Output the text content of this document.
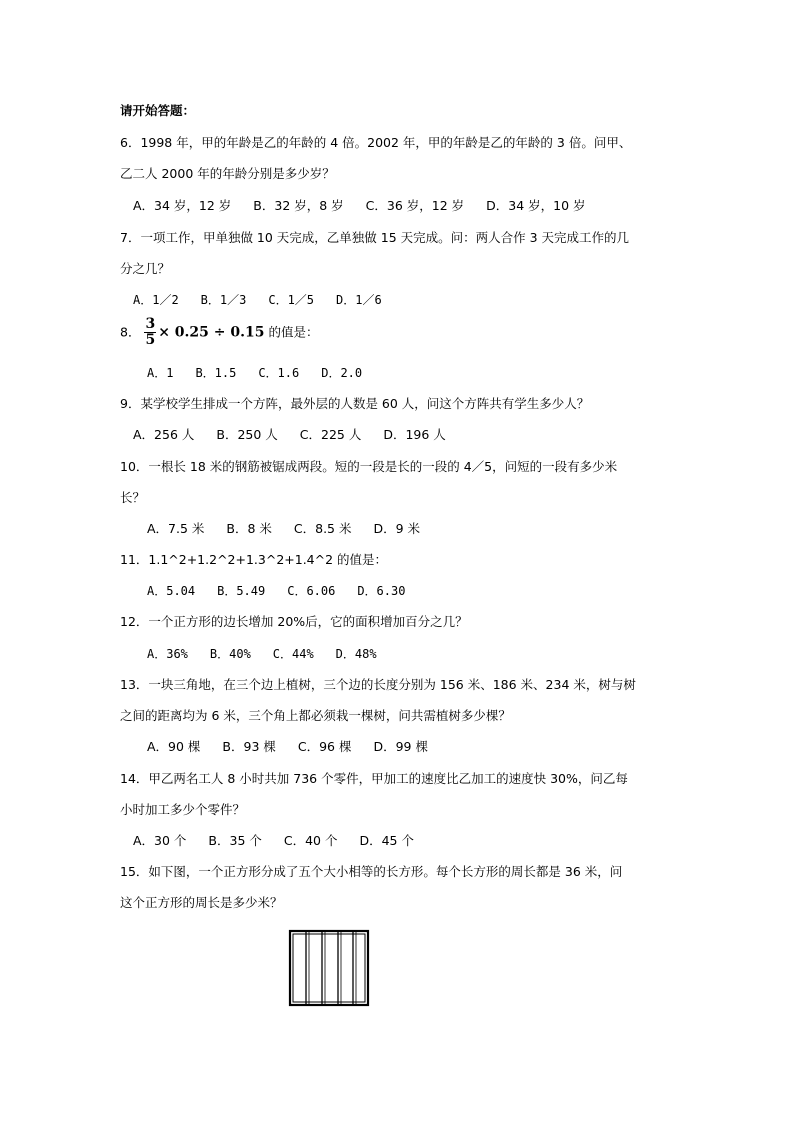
请开始答题：
6．1998 年，甲的年龄是乙的年龄的 4 倍。2002 年，甲的年龄是乙的年龄的 3 倍。问甲、
乙二人 2000 年的年龄分别是多少岁？
A．34 岁，12 岁 B．32 岁，8 岁 C．36 岁，12 岁 D．34 岁，10 岁
7．一项工作，甲单独做 10 天完成，乙单独做 15 天完成。问：两人合作 3 天完成工作的几
分之几？
A．1／2 B．1／3 C．1／5 D．1／6
8． $\frac{3}{5} \times 0.25 \div 0.15$ 的值是：
A．1 B．1.5 C．1.6 D．2.0
9．某学校学生排成一个方阵，最外层的人数是 60 人，问这个方阵共有学生多少人？
A．256 人 B．250 人 C．225 人 D．196 人
10．一根长 18 米的钢筋被锯成两段。短的一段是长的一段的 4／5，问短的一段有多少米
长？
A．7.5 米 B．8 米 C．8.5 米 D．9 米
11．1.1^2+1.2^2+1.3^2+1.4^2 的值是：
A．5.04 B．5.49 C．6.06 D．6.30
12．一个正方形的边长增加 20%后，它的面积增加百分之几？
A．36% B．40% C．44% D．48%
13．一块三角地，在三个边上植树，三个边的长度分别为 156 米、186 米、234 米，树与树
之间的距离均为 6 米，三个角上都必须栽一棵树，问共需植树多少棵？
A．90 棵 B．93 棵 C．96 棵 D．99 棵
14．甲乙两名工人 8 小时共加 736 个零件，甲加工的速度比乙加工的速度快 30%，问乙每
小时加工多少个零件？
A．30 个 B．35 个 C．40 个 D．45 个
15．如下图，一个正方形分成了五个大小相等的长方形。每个长方形的周长都是 36 米，问
这个正方形的周长是多少米？
